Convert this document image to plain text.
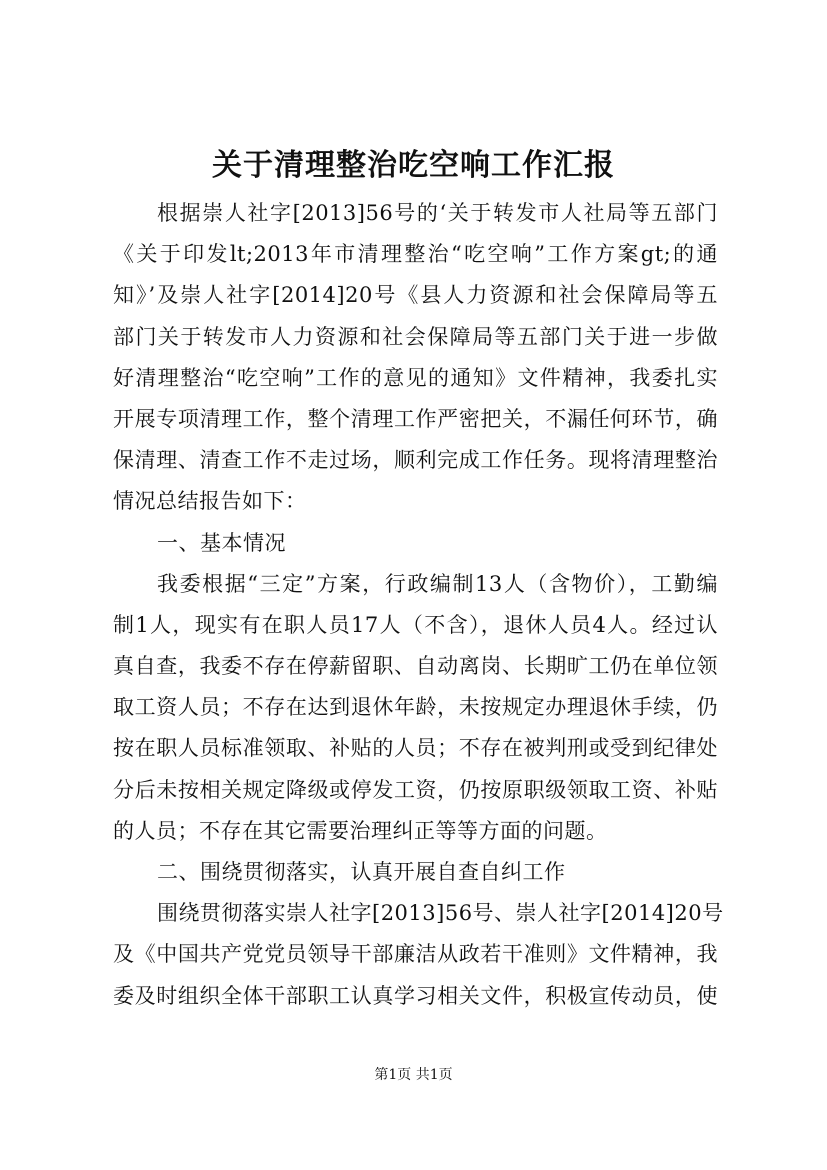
关于清理整治吃空响工作汇报
根据崇人社字[2013]56号的‘关于转发市人社局等五部门
《关于印发lt;2013年市清理整治“吃空响”工作方案gt;的通
知》’及崇人社字[2014]20号《县人力资源和社会保障局等五
部门关于转发市人力资源和社会保障局等五部门关于进一步做
好清理整治“吃空响”工作的意见的通知》文件精神，我委扎实
开展专项清理工作，整个清理工作严密把关，不漏任何环节，确
保清理、清查工作不走过场，顺利完成工作任务。现将清理整治
情况总结报告如下：
一、基本情况
我委根据“三定”方案，行政编制13人（含物价），工勤编
制1人，现实有在职人员17人（不含），退休人员4人。经过认
真自查，我委不存在停薪留职、自动离岗、长期旷工仍在单位领
取工资人员；不存在达到退休年龄，未按规定办理退休手续，仍
按在职人员标准领取、补贴的人员；不存在被判刑或受到纪律处
分后未按相关规定降级或停发工资，仍按原职级领取工资、补贴
的人员；不存在其它需要治理纠正等等方面的问题。
二、围绕贯彻落实，认真开展自查自纠工作
围绕贯彻落实崇人社字[2013]56号、崇人社字[2014]20号
及《中国共产党党员领导干部廉洁从政若干准则》文件精神，我
委及时组织全体干部职工认真学习相关文件，积极宣传动员，使
第1页 共1页
